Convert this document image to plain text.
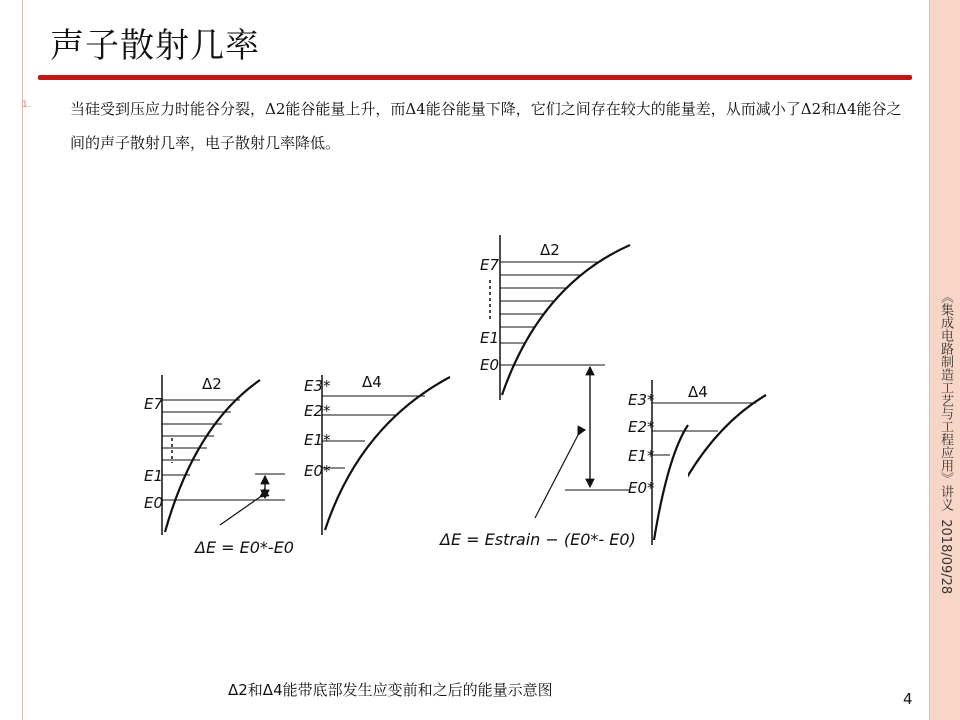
《集成电路制造工艺与工程应用》讲义  2018/09/28
声子散射几率
1.	当硅受到压应力时能谷分裂，Δ2能谷能量上升，而Δ4能谷能量下降，它们之间存在较大的能量差，从而减小了Δ2和Δ4能谷之间的声子散射几率，电子散射几率降低。
Δ2
E7
E1
E0
ΔE = E0*-E0
Δ4
E3*
E2*
E1*
E0*
Δ2
E7
E1
E0
ΔE = Estrain − (E0*- E0)
E3*
E2*
E1*
E0*
Δ4
Δ2和Δ4能带底部发生应变前和之后的能量示意图	4
